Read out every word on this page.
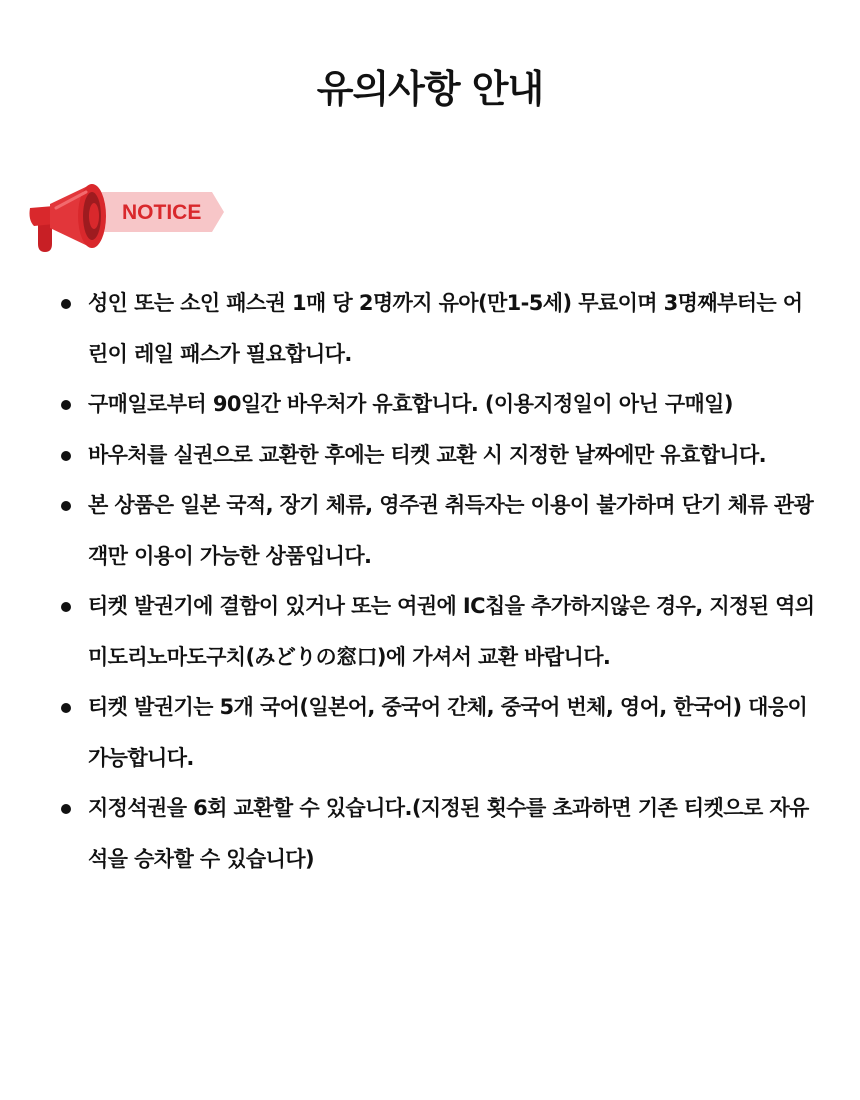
유의사항 안내
NOTICE
성인 또는 소인 패스권 1매 당 2명까지 유아(만1-5세) 무료이며 3명째부터는 어린이 레일 패스가 필요합니다.
구매일로부터 90일간 바우처가 유효합니다. (이용지정일이 아닌 구매일)
바우처를 실권으로 교환한 후에는 티켓 교환 시 지정한 날짜에만 유효합니다.
본 상품은 일본 국적, 장기 체류, 영주권 취득자는 이용이 불가하며 단기 체류 관광객만 이용이 가능한 상품입니다.
티켓 발권기에 결함이 있거나 또는 여권에 IC칩을 추가하지않은 경우, 지정된 역의 미도리노마도구치(みどりの窓口)에 가셔서 교환 바랍니다.
티켓 발권기는 5개 국어(일본어, 중국어 간체, 중국어 번체, 영어, 한국어) 대응이 가능합니다.
지정석권을 6회 교환할 수 있습니다.(지정된 횟수를 초과하면 기존 티켓으로 자유석을 승차할 수 있습니다)
